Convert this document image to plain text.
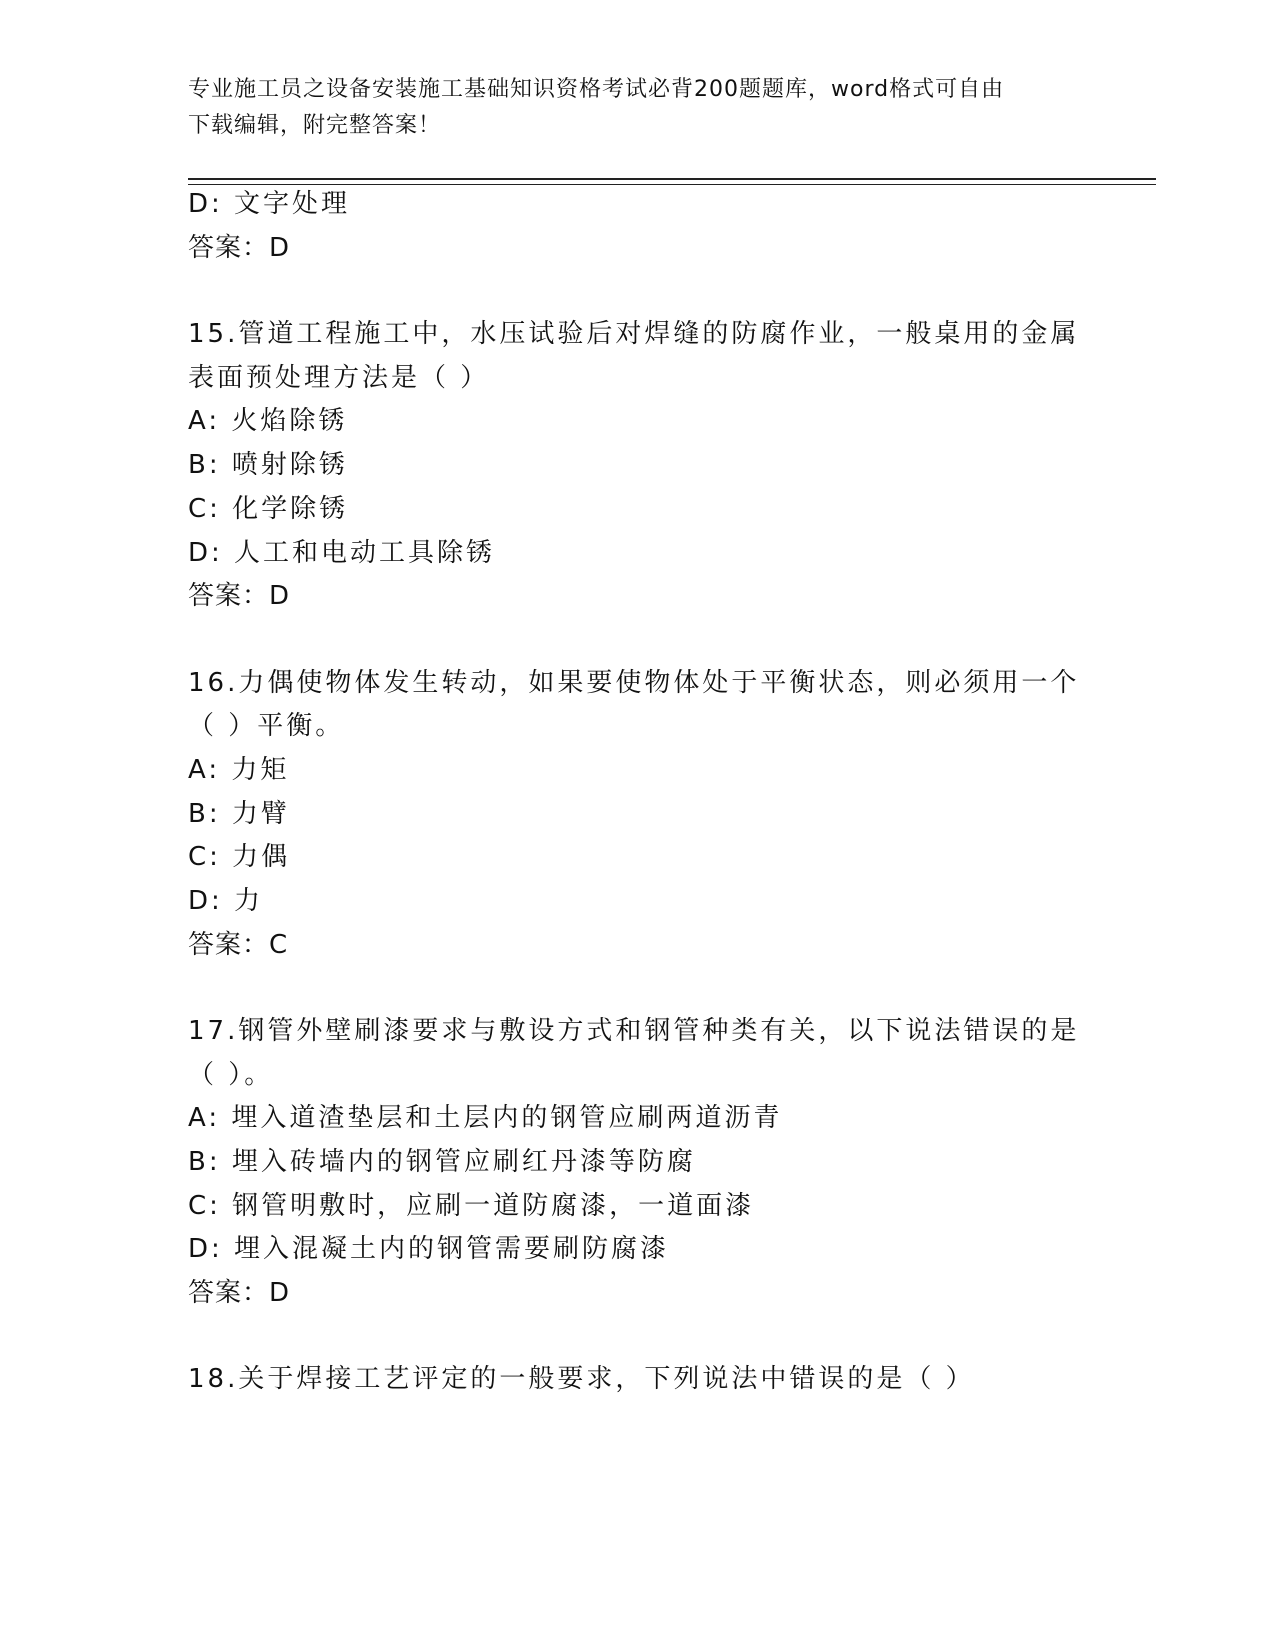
专业施工员之设备安装施工基础知识资格考试必背200题题库，word格式可自由
下载编辑，附完整答案！
D: 文字处理
答案：D
15.管道工程施工中，水压试验后对焊缝的防腐作业，一般桌用的金属
表面预处理方法是（ ）
A: 火焰除锈
B: 喷射除锈
C: 化学除锈
D: 人工和电动工具除锈
答案：D
16.力偶使物体发生转动，如果要使物体处于平衡状态，则必须用一个
（ ）平衡。
A: 力矩
B: 力臂
C: 力偶
D: 力
答案：C
17.钢管外壁刷漆要求与敷设方式和钢管种类有关，以下说法错误的是
（ ）。
A: 埋入道渣垫层和土层内的钢管应刷两道沥青
B: 埋入砖墙内的钢管应刷红丹漆等防腐
C: 钢管明敷时，应刷一道防腐漆，一道面漆
D: 埋入混凝土内的钢管需要刷防腐漆
答案：D
18.关于焊接工艺评定的一般要求，下列说法中错误的是（ ）
